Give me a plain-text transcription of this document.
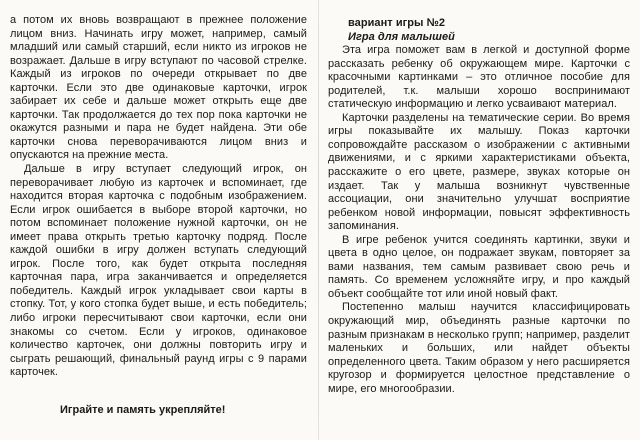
а потом их вновь возвращают в прежнее положение лицом вниз. Начинать игру может, например, самый младший или самый старший, если никто из игроков не возражает. Дальше в игру вступают по часовой стрелке. Каждый из игроков по очереди открывает по две карточки. Если это две одинаковые карточки, игрок забирает их себе и дальше может открыть еще две карточки. Так продолжается до тех пор пока карточки не окажутся разными и пара не будет найдена. Эти обе карточки снова переворачиваются лицом вниз и опускаются на прежние места.

Дальше в игру вступает следующий игрок, он переворачивает любую из карточек и вспоминает, где находится вторая карточка с подобным изображением. Если игрок ошибается в выборе второй карточки, но потом вспоминает положение нужной карточки, он не имеет права открыть третью карточку подряд. После каждой ошибки в игру должен вступать следующий игрок. После того, как будет открыта последняя карточная пара, игра заканчивается и определяется победитель. Каждый игрок укладывает свои карты в стопку. Тот, у кого стопка будет выше, и есть победитель; либо игроки пересчитывают свои карточки, если они знакомы со счетом. Если у игроков, одинаковое количество карточек, они должны повторить игру и сыграть решающий, финальный раунд игры с 9 парами карточек.

вариант игры №2

Игра для малышей

Эта игра поможет вам в легкой и доступной форме рассказать ребенку об окружающем мире. Карточки с красочными картинками – это отличное пособие для родителей, т.к. малыши хорошо воспринимают статическую информацию и легко усваивают материал.

Карточки разделены на тематические серии. Во время игры показывайте их малышу. Показ карточки сопровождайте рассказом о изображении с активными движениями, и с яркими характеристиками объекта, расскажите о его цвете, размере, звуках которые он издает. Так у малыша возникнут чувственные ассоциации, они значительно улучшат восприятие ребенком новой информации, повысят эффективность запоминания.

В игре ребенок учится соединять картинки, звуки и цвета в одно целое, он подражает звукам, повторяет за вами названия, тем самым развивает свою речь и память. Со временем усложняйте игру, и про каждый объект сообщайте тот или иной новый факт.

Постепенно малыш научится классифицировать окружающий мир, объединять разные карточки по разным признакам в несколько групп; например, разделит маленьких и больших, или найдет объекты определенного цвета. Таким образом у него расширяется кругозор и формируется целостное представление о мире, его многообразии.

Играйте и память укрепляйте!
